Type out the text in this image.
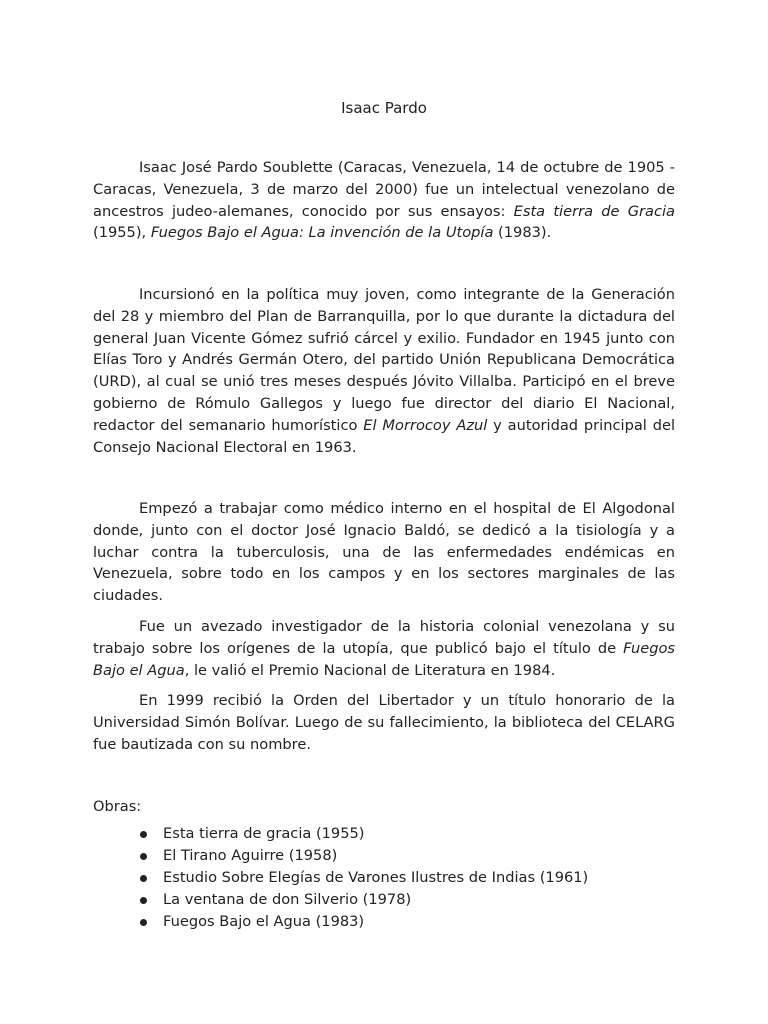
Isaac Pardo

Isaac José Pardo Soublette (Caracas, Venezuela, 14 de octubre de 1905 - Caracas, Venezuela, 3 de marzo del 2000) fue un intelectual venezolano de ancestros judeo-alemanes, conocido por sus ensayos: Esta tierra de Gracia (1955), Fuegos Bajo el Agua: La invención de la Utopía (1983).

Incursionó en la política muy joven, como integrante de la Generación del 28 y miembro del Plan de Barranquilla, por lo que durante la dictadura del general Juan Vicente Gómez sufrió cárcel y exilio. Fundador en 1945 junto con Elías Toro y Andrés Germán Otero, del partido Unión Republicana Democrática (URD), al cual se unió tres meses después Jóvito Villalba. Participó en el breve gobierno de Rómulo Gallegos y luego fue director del diario El Nacional, redactor del semanario humorístico El Morrocoy Azul y autoridad principal del Consejo Nacional Electoral en 1963.

Empezó a trabajar como médico interno en el hospital de El Algodonal donde, junto con el doctor José Ignacio Baldó, se dedicó a la tisiología y a luchar contra la tuberculosis, una de las enfermedades endémicas en Venezuela, sobre todo en los campos y en los sectores marginales de las ciudades.

Fue un avezado investigador de la historia colonial venezolana y su trabajo sobre los orígenes de la utopía, que publicó bajo el título de Fuegos Bajo el Agua, le valió el Premio Nacional de Literatura en 1984.

En 1999 recibió la Orden del Libertador y un título honorario de la Universidad Simón Bolívar. Luego de su fallecimiento, la biblioteca del CELARG fue bautizada con su nombre.

Obras:

Esta tierra de gracia (1955)
El Tirano Aguirre (1958)
Estudio Sobre Elegías de Varones Ilustres de Indias (1961)
La ventana de don Silverio (1978)
Fuegos Bajo el Agua (1983)
